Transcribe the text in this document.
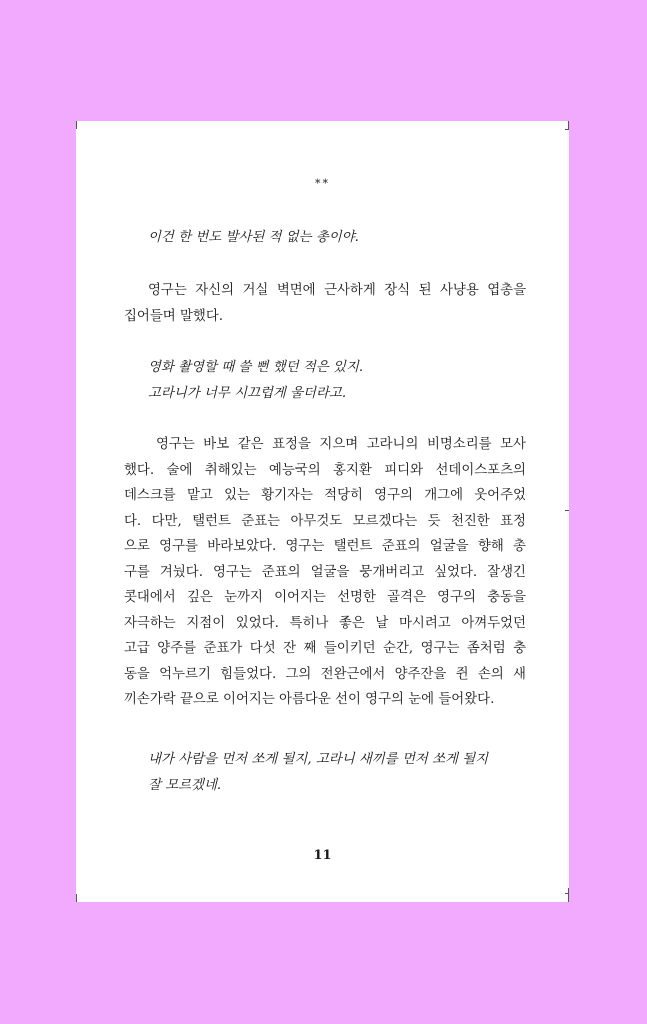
**

이건 한 번도 발사된 적 없는 총이야.

영구는 자신의 거실 벽면에 근사하게 장식 된 사냥용 엽총을
집어들며 말했다.

영화 촬영할 때 쓸 뻔 했던 적은 있지.
고라니가 너무 시끄럽게 울더라고.

영구는 바보 같은 표정을 지으며 고라니의 비명소리를 모사
했다. 술에 취해있는 예능국의 홍지환 피디와 선데이스포츠의
데스크를 맡고 있는 황기자는 적당히 영구의 개그에 웃어주었
다. 다만, 탤런트 준표는 아무것도 모르겠다는 듯 천진한 표정
으로 영구를 바라보았다. 영구는 탤런트 준표의 얼굴을 향해 총
구를 겨눴다. 영구는 준표의 얼굴을 뭉개버리고 싶었다. 잘생긴
콧대에서 깊은 눈까지 이어지는 선명한 골격은 영구의 충동을
자극하는 지점이 있었다. 특히나 좋은 날 마시려고 아껴두었던
고급 양주를 준표가 다섯 잔 째 들이키던 순간, 영구는 좀처럼 충
동을 억누르기 힘들었다. 그의 전완근에서 양주잔을 쥔 손의 새
끼손가락 끝으로 이어지는 아름다운 선이 영구의 눈에 들어왔다.

내가 사람을 먼저 쏘게 될지, 고라니 새끼를 먼저 쏘게 될지
잘 모르겠네.

11
